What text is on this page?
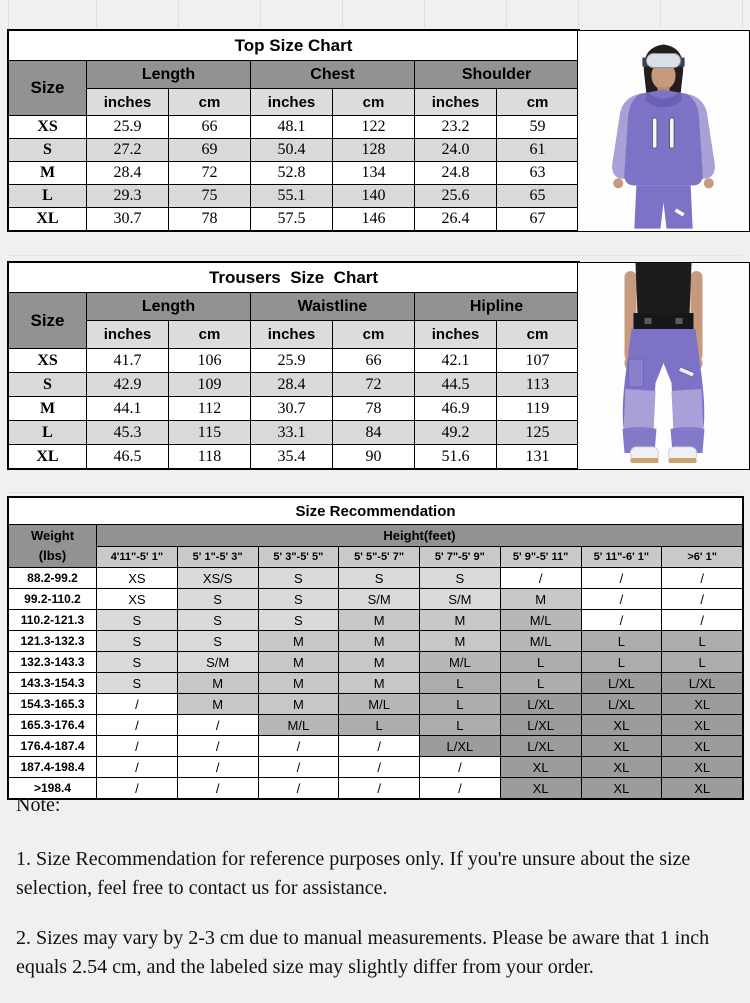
Top Size Chart						
Size	Length		Chest		Shoulder	
	inches	cm	inches	cm	inches	cm
XS	25.9	66	48.1	122	23.2	59
S	27.2	69	50.4	128	24.0	61
M	28.4	72	52.8	134	24.8	63
L	29.3	75	55.1	140	25.6	65
XL	30.7	78	57.5	146	26.4	67
Trousers  Size  Chart						
Size	Length		Waistline		Hipline	
	inches	cm	inches	cm	inches	cm
XS	41.7	106	25.9	66	42.1	107
S	42.9	109	28.4	72	44.5	113
M	44.1	112	30.7	78	46.9	119
L	45.3	115	33.1	84	49.2	125
XL	46.5	118	35.4	90	51.6	131
Size Recommendation								
Weight
(lbs)	Height(feet)							
	4'11"-5' 1"	5' 1"-5' 3"	5' 3"-5' 5"	5' 5"-5' 7"	5' 7"-5' 9"	5' 9"-5' 11"	5' 11"-6' 1"	>6' 1"
88.2-99.2	XS	XS/S	S	S	S	/	/	/
99.2-110.2	XS	S	S	S/M	S/M	M	/	/
110.2-121.3	S	S	S	M	M	M/L	/	/
121.3-132.3	S	S	M	M	M	M/L	L	L
132.3-143.3	S	S/M	M	M	M/L	L	L	L
143.3-154.3	S	M	M	M	L	L	L/XL	L/XL
154.3-165.3	/	M	M	M/L	L	L/XL	L/XL	XL
165.3-176.4	/	/	M/L	L	L	L/XL	XL	XL
176.4-187.4	/	/	/	/	L/XL	L/XL	XL	XL
187.4-198.4	/	/	/	/	/	XL	XL	XL
>198.4	/	/	/	/	/	XL	XL	XL
Note:

1. Size Recommendation for reference purposes only. If you're unsure about the size selection, feel free to contact us for assistance.

2. Sizes may vary by 2-3 cm due to manual measurements. Please be aware that 1 inch equals 2.54 cm, and the labeled size may slightly differ from your order.
